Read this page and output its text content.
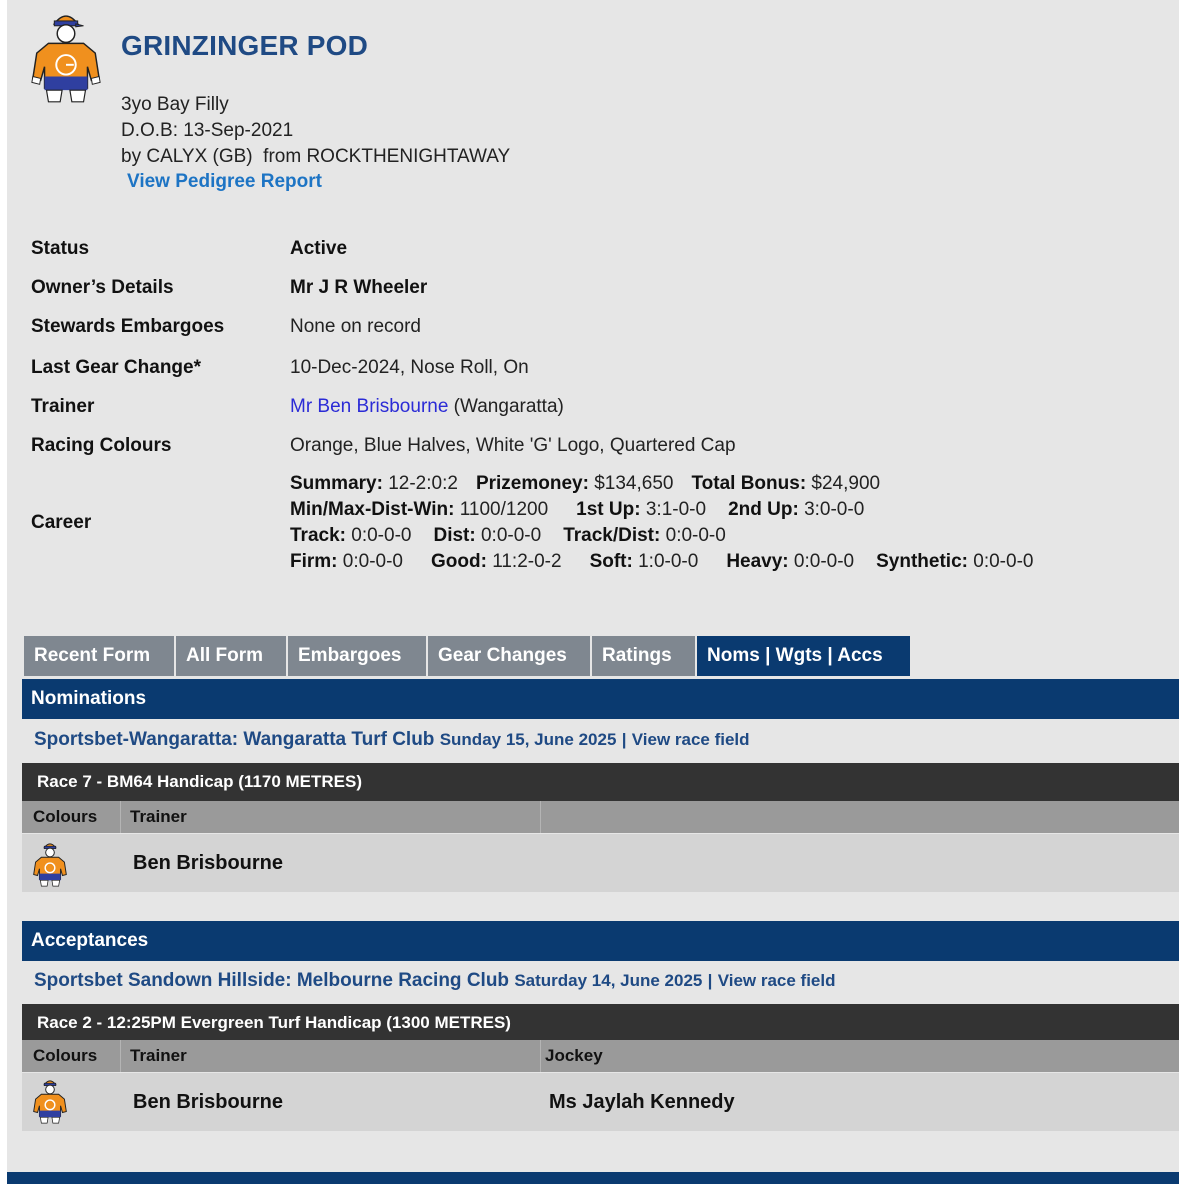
GRINZINGER POD
3yo Bay Filly
D.O.B: 13-Sep-2021
by CALYX (GB)  from ROCKTHENIGHTAWAY
View Pedigree Report
Status	Active
Owner’s Details	Mr J R Wheeler
Stewards Embargoes	None on record
Last Gear Change*	10-Dec-2024, Nose Roll, On
Trainer	Mr Ben Brisbourne (Wangaratta)
Racing Colours	Orange, Blue Halves, White 'G' Logo, Quartered Cap
Career
Summary: 12-2:0:2 Prizemoney: $134,650 Total Bonus: $24,900
Min/Max-Dist-Win: 1100/1200 1st Up: 3:1-0-0 2nd Up: 3:0-0-0
Track: 0:0-0-0 Dist: 0:0-0-0 Track/Dist: 0:0-0-0
Firm: 0:0-0-0 Good: 11:2-0-2 Soft: 1:0-0-0 Heavy: 0:0-0-0 Synthetic: 0:0-0-0
Recent Form	All Form	Embargoes	Gear Changes	Ratings	Noms | Wgts | Accs
Nominations
Sportsbet-Wangaratta: Wangaratta Turf Club Sunday 15, June 2025 | View race field
Race 7 - BM64 Handicap (1170 METRES)
Colours Trainer
Ben Brisbourne
Acceptances
Sportsbet Sandown Hillside: Melbourne Racing Club Saturday 14, June 2025 | View race field
Race 2 - 12:25PM Evergreen Turf Handicap (1300 METRES)
Colours Trainer	Jockey
Ben Brisbourne	Ms Jaylah Kennedy
